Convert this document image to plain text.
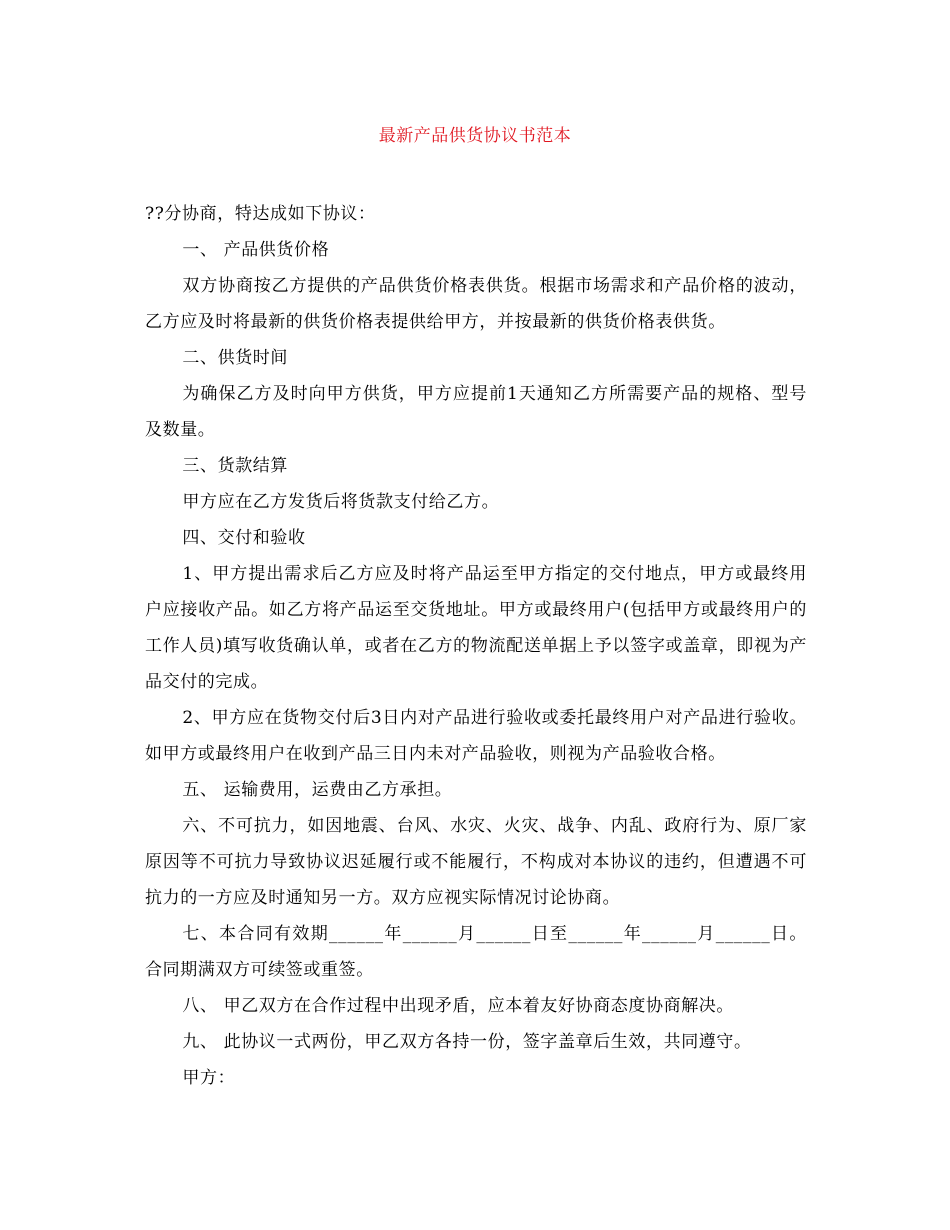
最新产品供货协议书范本

??分协商，特达成如下协议：

一、 产品供货价格

双方协商按乙方提供的产品供货价格表供货。根据市场需求和产品价格的波动，乙方应及时将最新的供货价格表提供给甲方，并按最新的供货价格表供货。

二、供货时间

为确保乙方及时向甲方供货，甲方应提前1天通知乙方所需要产品的规格、型号及数量。

三、货款结算

甲方应在乙方发货后将货款支付给乙方。

四、交付和验收

1、甲方提出需求后乙方应及时将产品运至甲方指定的交付地点，甲方或最终用户应接收产品。如乙方将产品运至交货地址。甲方或最终用户(包括甲方或最终用户的工作人员)填写收货确认单，或者在乙方的物流配送单据上予以签字或盖章，即视为产品交付的完成。

2、甲方应在货物交付后3日内对产品进行验收或委托最终用户对产品进行验收。如甲方或最终用户在收到产品三日内未对产品验收，则视为产品验收合格。

五、 运输费用，运费由乙方承担。

六、不可抗力，如因地震、台风、水灾、火灾、战争、内乱、政府行为、原厂家原因等不可抗力导致协议迟延履行或不能履行，不构成对本协议的违约，但遭遇不可抗力的一方应及时通知另一方。双方应视实际情况讨论协商。

七、本合同有效期______年______月______日至______年______月______日。合同期满双方可续签或重签。

八、 甲乙双方在合作过程中出现矛盾，应本着友好协商态度协商解决。

九、 此协议一式两份，甲乙双方各持一份，签字盖章后生效，共同遵守。

甲方：
